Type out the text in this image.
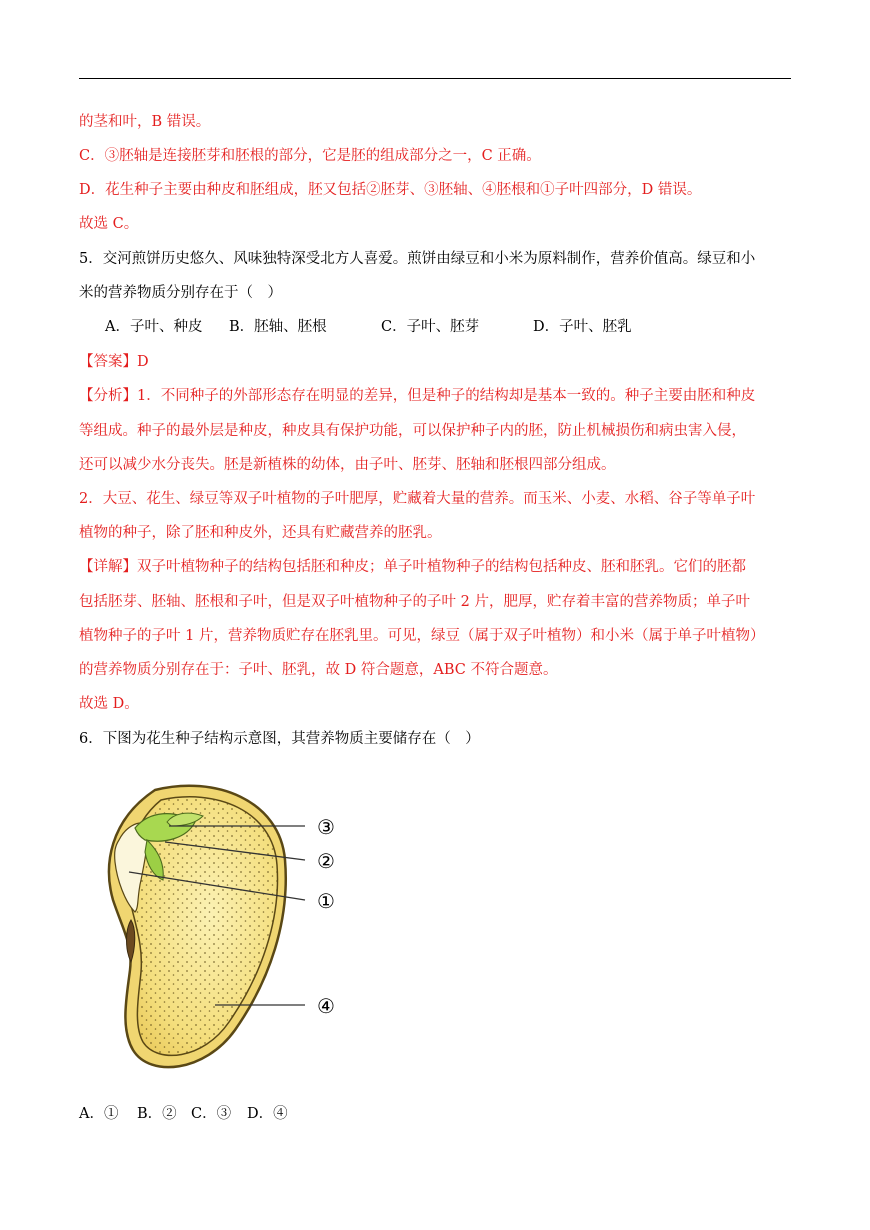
的茎和叶，B 错误。
C．③胚轴是连接胚芽和胚根的部分，它是胚的组成部分之一，C 正确。
D．花生种子主要由种皮和胚组成，胚又包括②胚芽、③胚轴、④胚根和①子叶四部分，D 错误。
故选 C。
5．交河煎饼历史悠久、风味独特深受北方人喜爱。煎饼由绿豆和小米为原料制作，营养价值高。绿豆和小
米的营养物质分别存在于（　）
A．子叶、种皮 B．胚轴、胚根	C．子叶、胚芽	D．子叶、胚乳
【答案】D
【分析】1．不同种子的外部形态存在明显的差异，但是种子的结构却是基本一致的。种子主要由胚和种皮
等组成。种子的最外层是种皮，种皮具有保护功能，可以保护种子内的胚，防止机械损伤和病虫害入侵，
还可以减少水分丧失。胚是新植株的幼体，由子叶、胚芽、胚轴和胚根四部分组成。
2．大豆、花生、绿豆等双子叶植物的子叶肥厚，贮藏着大量的营养。而玉米、小麦、水稻、谷子等单子叶
植物的种子，除了胚和种皮外，还具有贮藏营养的胚乳。
【详解】双子叶植物种子的结构包括胚和种皮；单子叶植物种子的结构包括种皮、胚和胚乳。它们的胚都
包括胚芽、胚轴、胚根和子叶，但是双子叶植物种子的子叶 2 片，肥厚，贮存着丰富的营养物质；单子叶
植物种子的子叶 1 片，营养物质贮存在胚乳里。可见，绿豆（属于双子叶植物）和小米（属于单子叶植物）
的营养物质分别存在于：子叶、胚乳，故 D 符合题意，ABC 不符合题意。
故选 D。
6．下图为花生种子结构示意图，其营养物质主要储存在（　）
③
②
①
④
A．① B．② C．③ D．④
